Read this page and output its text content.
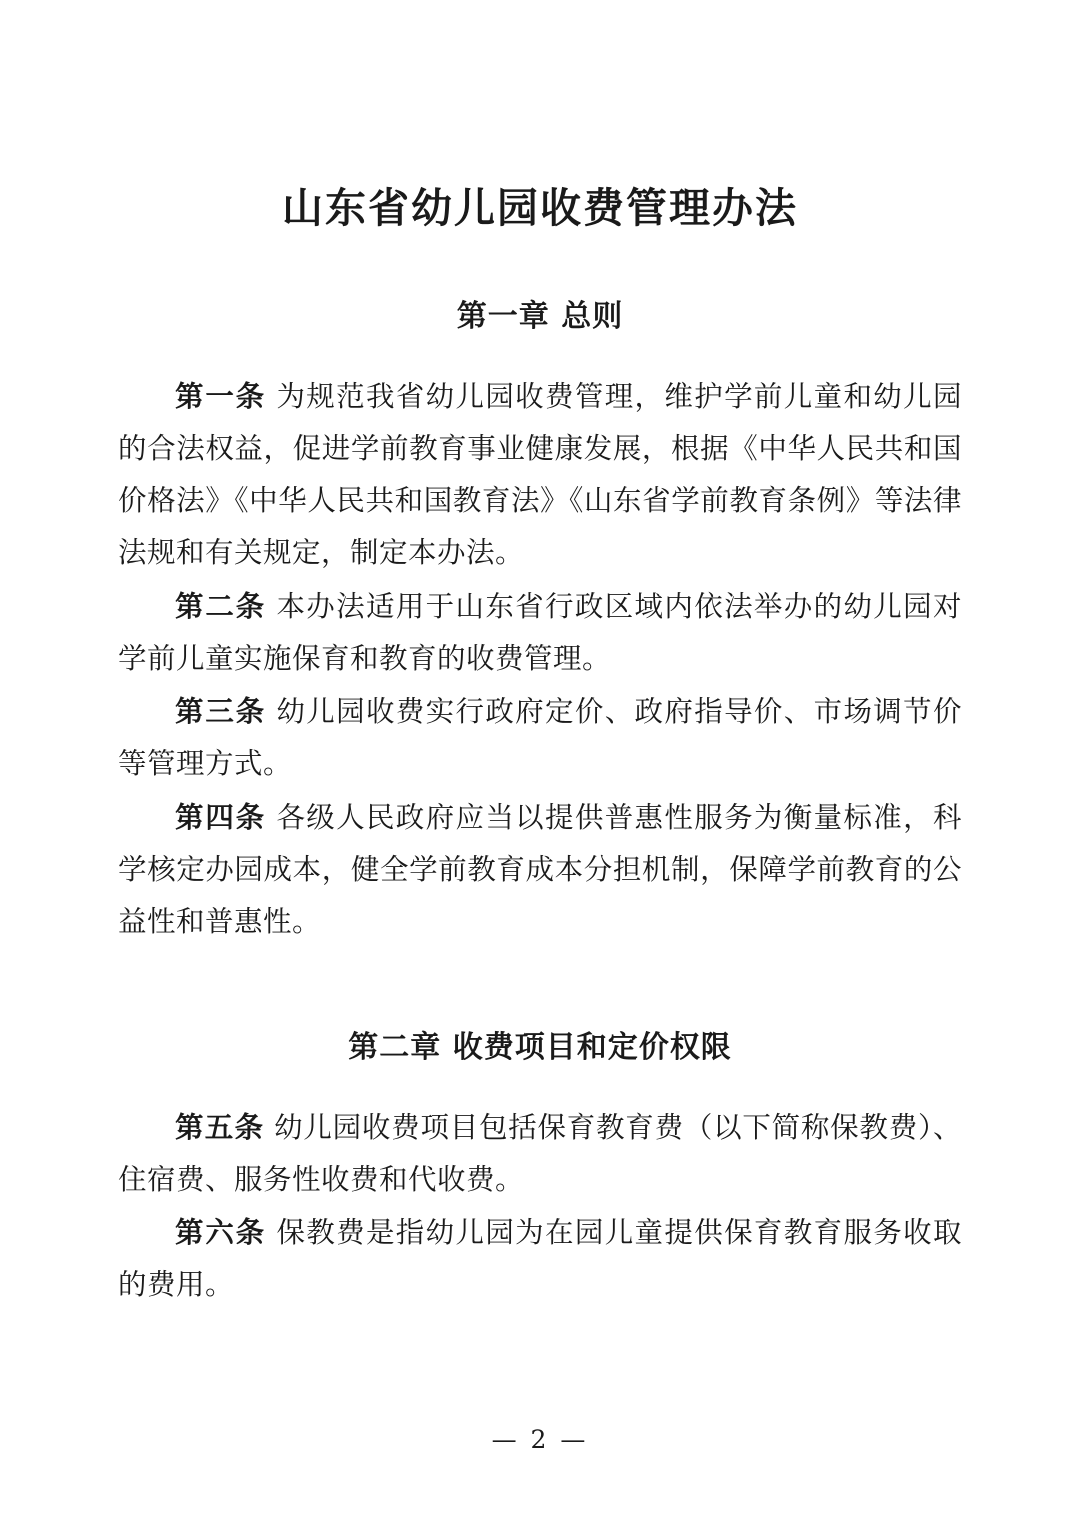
山东省幼儿园收费管理办法
第一章 总则

第一条 为规范我省幼儿园收费管理，维护学前儿童和幼儿园的合法权益，促进学前教育事业健康发展，根据《中华人民共和国价格法》《中华人民共和国教育法》《山东省学前教育条例》等法律法规和有关规定，制定本办法。

第二条 本办法适用于山东省行政区域内依法举办的幼儿园对学前儿童实施保育和教育的收费管理。

第三条 幼儿园收费实行政府定价、政府指导价、市场调节价等管理方式。

第四条 各级人民政府应当以提供普惠性服务为衡量标准，科学核定办园成本，健全学前教育成本分担机制，保障学前教育的公益性和普惠性。

第二章 收费项目和定价权限

第五条 幼儿园收费项目包括保育教育费（以下简称保教费）、住宿费、服务性收费和代收费。

第六条 保教费是指幼儿园为在园儿童提供保育教育服务收取的费用。

— 2 —
